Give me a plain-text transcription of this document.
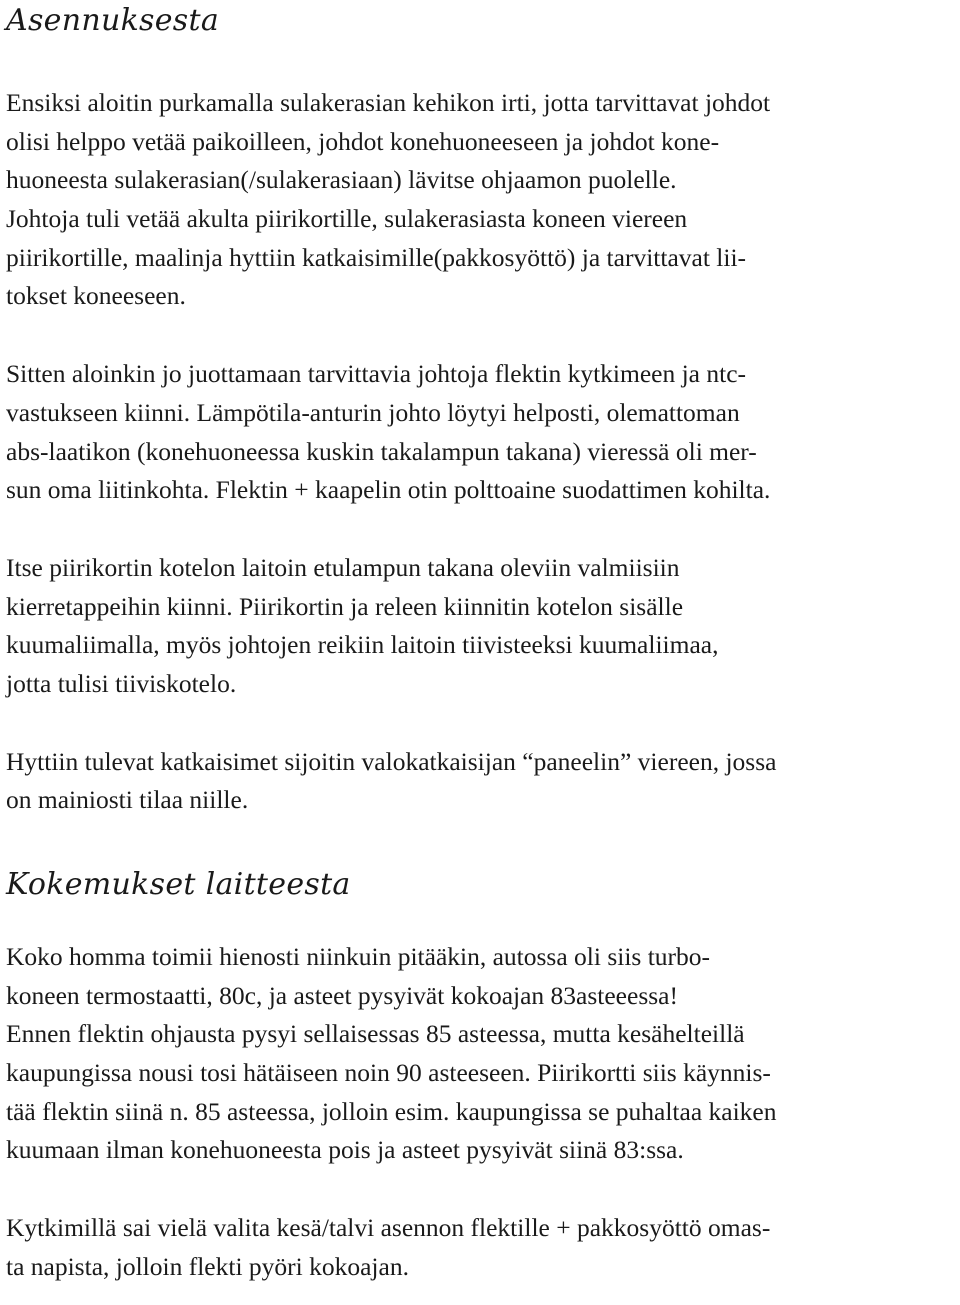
Asennuksesta

Ensiksi aloitin purkamalla sulakerasian kehikon irti, jotta tarvittavat johdot
olisi helppo vetää paikoilleen, johdot konehuoneeseen ja johdot kone-
huoneesta sulakerasian(/sulakerasiaan) lävitse ohjaamon puolelle.
Johtoja tuli vetää akulta piirikortille, sulakerasiasta koneen viereen
piirikortille, maalinja hyttiin katkaisimille(pakkosyöttö) ja tarvittavat lii-
tokset koneeseen.

Sitten aloinkin jo juottamaan tarvittavia johtoja flektin kytkimeen ja ntc-
vastukseen kiinni. Lämpötila-anturin johto löytyi helposti, olemattoman
abs-laatikon (konehuoneessa kuskin takalampun takana) vieressä oli mer-
sun oma liitinkohta. Flektin + kaapelin otin polttoaine suodattimen kohilta.

Itse piirikortin kotelon laitoin etulampun takana oleviin valmiisiin
kierretappeihin kiinni. Piirikortin ja releen kiinnitin kotelon sisälle
kuumaliimalla, myös johtojen reikiin laitoin tiivisteeksi kuumaliimaa,
jotta tulisi tiiviskotelo.

Hyttiin tulevat katkaisimet sijoitin valokatkaisijan “paneelin” viereen, jossa
on mainiosti tilaa niille.

Kokemukset laitteesta

Koko homma toimii hienosti niinkuin pitääkin, autossa oli siis turbo-
koneen termostaatti, 80c, ja asteet pysyivät kokoajan 83asteeessa!
Ennen flektin ohjausta pysyi sellaisessas 85 asteessa, mutta kesähelteillä
kaupungissa nousi tosi hätäiseen noin 90 asteeseen. Piirikortti siis käynnis-
tää flektin siinä n. 85 asteessa, jolloin esim. kaupungissa se puhaltaa kaiken
kuumaan ilman konehuoneesta pois ja asteet pysyivät siinä 83:ssa.

Kytkimillä sai vielä valita kesä/talvi asennon flektille + pakkosyöttö omas-
ta napista, jolloin flekti pyöri kokoajan.
